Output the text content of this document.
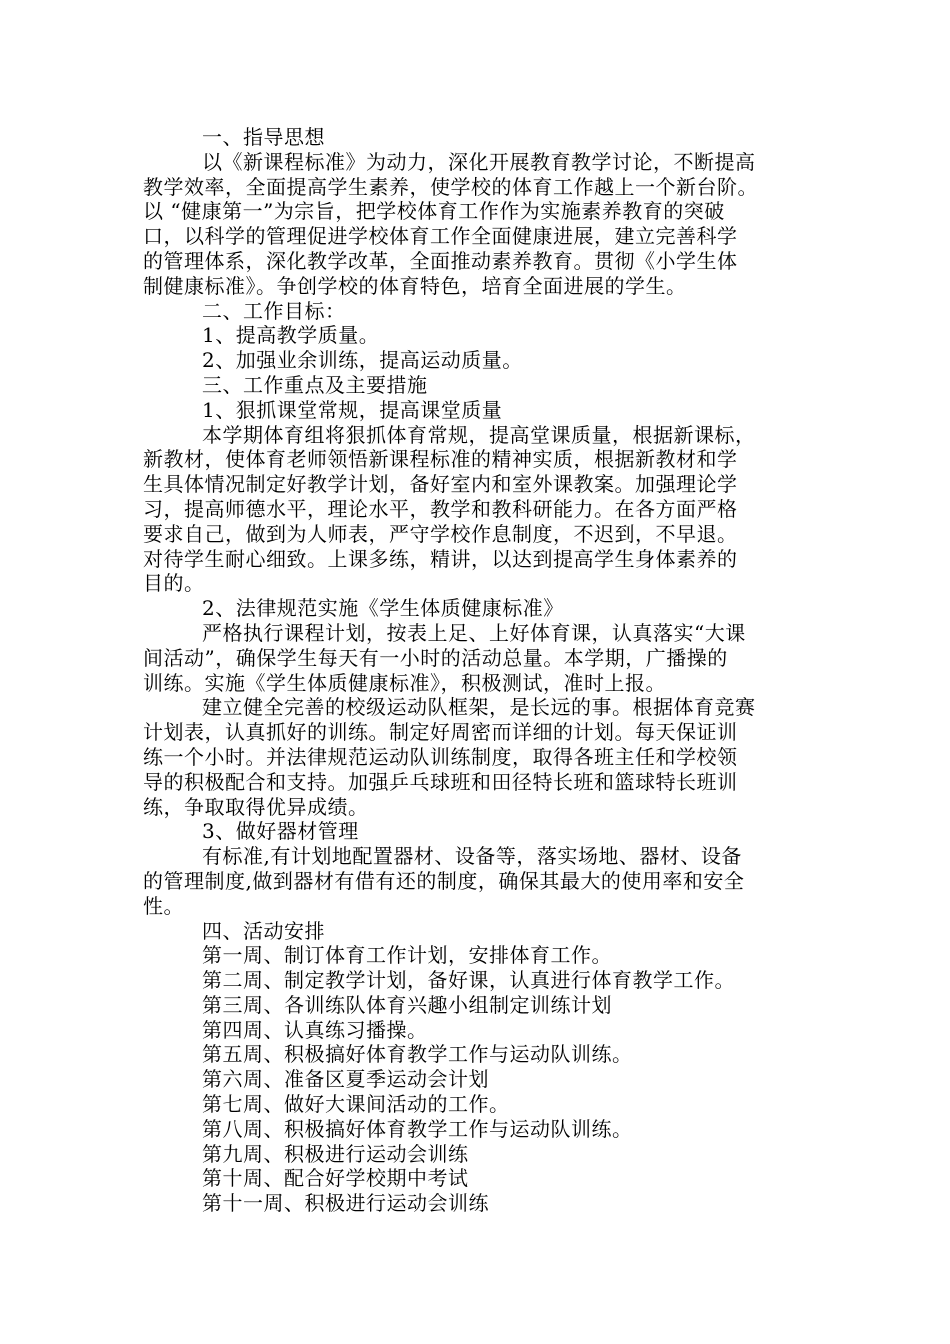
一、指导思想
以《新课程标准》为动力，深化开展教育教学讨论，不断提高
教学效率，全面提高学生素养，使学校的体育工作越上一个新台阶。
以 “健康第一”为宗旨，把学校体育工作作为实施素养教育的突破
口，以科学的管理促进学校体育工作全面健康进展，建立完善科学
的管理体系，深化教学改革，全面推动素养教育。贯彻《小学生体
制健康标准》。争创学校的体育特色，培育全面进展的学生。
二、工作目标：
1、提高教学质量。
2、加强业余训练，提高运动质量。
三、工作重点及主要措施
1、狠抓课堂常规，提高课堂质量
本学期体育组将狠抓体育常规，提高堂课质量，根据新课标，
新教材，使体育老师领悟新课程标准的精神实质，根据新教材和学
生具体情况制定好教学计划，备好室内和室外课教案。加强理论学
习，提高师德水平，理论水平，教学和教科研能力。在各方面严格
要求自己，做到为人师表，严守学校作息制度，不迟到，不早退。
对待学生耐心细致。上课多练，精讲，以达到提高学生身体素养的
目的。
2、法律规范实施《学生体质健康标准》
严格执行课程计划，按表上足、上好体育课，认真落实“大课
间活动”，确保学生每天有一小时的活动总量。本学期，广播操的
训练。实施《学生体质健康标准》，积极测试，准时上报。
建立健全完善的校级运动队框架，是长远的事。根据体育竞赛
计划表，认真抓好的训练。制定好周密而详细的计划。每天保证训
练一个小时。并法律规范运动队训练制度，取得各班主任和学校领
导的积极配合和支持。加强乒乓球班和田径特长班和篮球特长班训
练，争取取得优异成绩。
3、做好器材管理
有标准,有计划地配置器材、设备等，落实场地、器材、设备
的管理制度,做到器材有借有还的制度，确保其最大的使用率和安全
性。
四、活动安排
第一周、制订体育工作计划，安排体育工作。
第二周、制定教学计划，备好课，认真进行体育教学工作。
第三周、各训练队体育兴趣小组制定训练计划
第四周、认真练习播操。
第五周、积极搞好体育教学工作与运动队训练。
第六周、准备区夏季运动会计划
第七周、做好大课间活动的工作。
第八周、积极搞好体育教学工作与运动队训练。
第九周、积极进行运动会训练
第十周、配合好学校期中考试
第十一周、积极进行运动会训练
